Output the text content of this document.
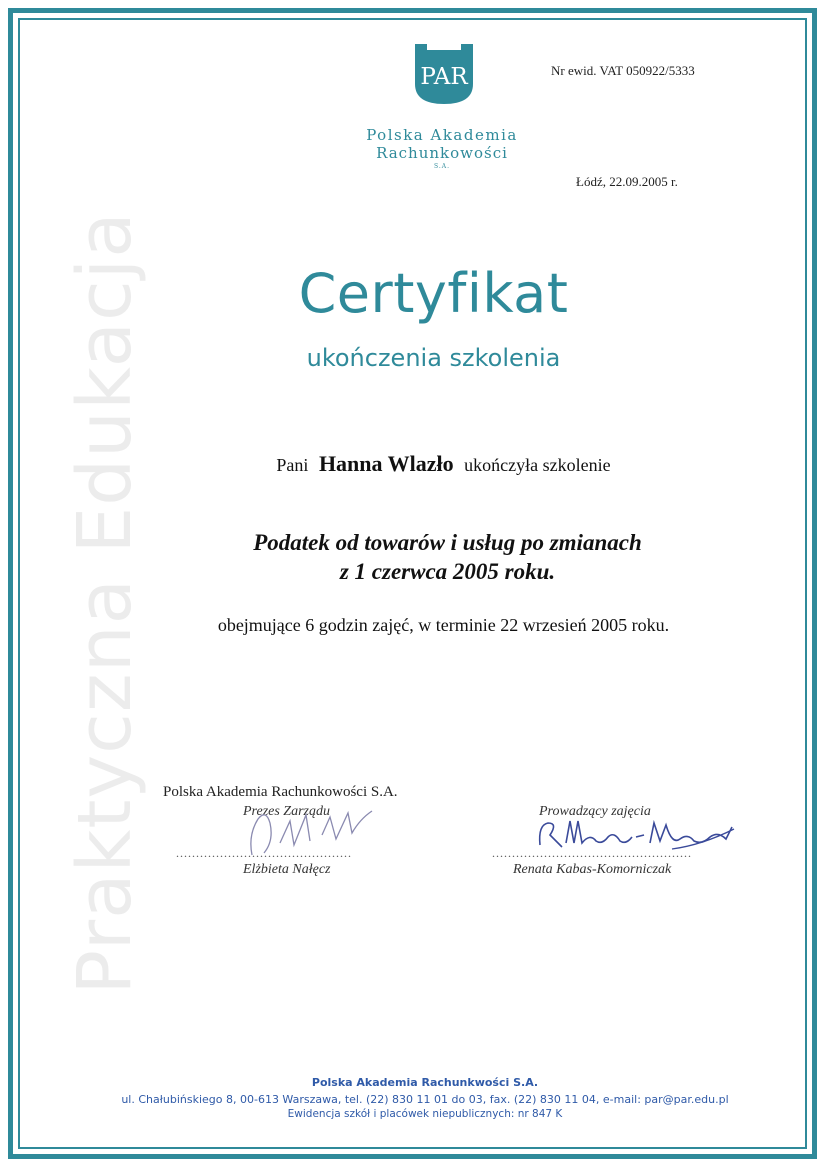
Praktyczna Edukacja
PAR
Polska Akademia
Rachunkowości
S.A.
Nr ewid. VAT 050922/5333
Łódź, 22.09.2005 r.
Certyfikat
ukończenia szkolenia
Pani Hanna Wlazło ukończyła szkolenie
Podatek od towarów i usług po zmianach
z 1 czerwca 2005 roku.
obejmujące 6 godzin zajęć, w terminie 22 wrzesień 2005 roku.
Polska Akademia Rachunkowości S.A.
Prezes Zarządu
............................................
Elżbieta Nałęcz
Prowadzący zajęcia
..................................................
Renata Kabas-Komorniczak
Polska Akademia Rachunkwości S.A.
ul. Chałubińskiego 8, 00-613 Warszawa, tel. (22) 830 11 01 do 03, fax. (22) 830 11 04, e-mail: par@par.edu.pl
Ewidencja szkół i placówek niepublicznych: nr 847 K
